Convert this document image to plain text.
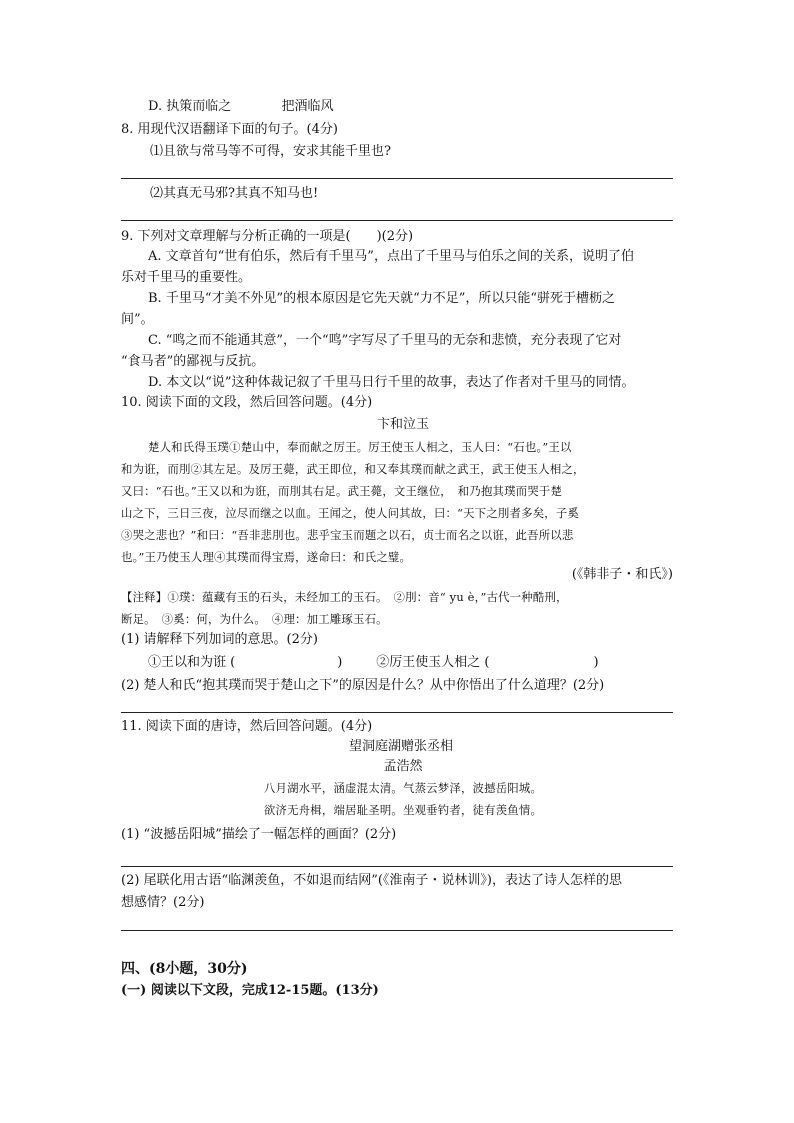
D. 执策而临之	把酒临风
8. 用现代汉语翻译下面的句子。(4分)
⑴且欲与常马等不可得，安求其能千里也?
⑵其真无马邪?其真不知马也!
9. 下列对文章理解与分析正确的一项是(　　)(2分)
A. 文章首句“世有伯乐，然后有千里马”，点出了千里马与伯乐之间的关系，说明了伯
乐对千里马的重要性。
B. 千里马“才美不外见”的根本原因是它先天就“力不足”，所以只能“骈死于槽枥之
间”。
C. “鸣之而不能通其意”，一个“鸣”字写尽了千里马的无奈和悲愤，充分表现了它对
“食马者”的鄙视与反抗。
D. 本文以“说”这种体裁记叙了千里马日行千里的故事，表达了作者对千里马的同情。
10. 阅读下面的文段，然后回答问题。(4分)
卞和泣玉
楚人和氏得玉璞①楚山中，奉而献之厉王。厉王使玉人相之，玉人曰：“石也。”王以
和为诳，而刖②其左足。及厉王薨，武王即位，和又奉其璞而献之武王，武王使玉人相之，
又曰：“石也。”王又以和为诳，而刖其右足。武王薨，文王继位，　和乃抱其璞而哭于楚
山之下，三日三夜，泣尽而继之以血。王闻之，使人问其故，曰：“天下之刖者多矣，子奚
③哭之悲也？”和曰：“吾非悲刖也。悲乎宝玉而题之以石，贞士而名之以诳，此吾所以悲
也。”王乃使玉人理④其璞而得宝焉，遂命曰：和氏之璧。
(《韩非子・和氏》)
【注释】①璞：蕴藏有玉的石头，未经加工的玉石。　②刖：音“ yu è，”古代一种酷刑，
断足。　③奚：何，为什么。　④理：加工雕琢玉石。
(1) 请解释下列加词的意思。(2分)
①王以和为诳 (	)	②厉王使玉人相之 (	)
(2) 楚人和氏“抱其璞而哭于楚山之下”的原因是什么？从中你悟出了什么道理？(2分)
11. 阅读下面的唐诗，然后回答问题。(4分)
望洞庭湖赠张丞相
孟浩然
八月湖水平，涵虚混太清。气蒸云梦泽，波撼岳阳城。
欲济无舟楫，端居耻圣明。坐观垂钓者，徒有羡鱼情。
(1) “波撼岳阳城”描绘了一幅怎样的画面？(2分)
(2) 尾联化用古语“临渊羡鱼，不如退而结网”(《淮南子・说林训》)，表达了诗人怎样的思
想感情？(2分)
四、(8小题，30分)
(一) 阅读以下文段，完成12-15题。(13分)
